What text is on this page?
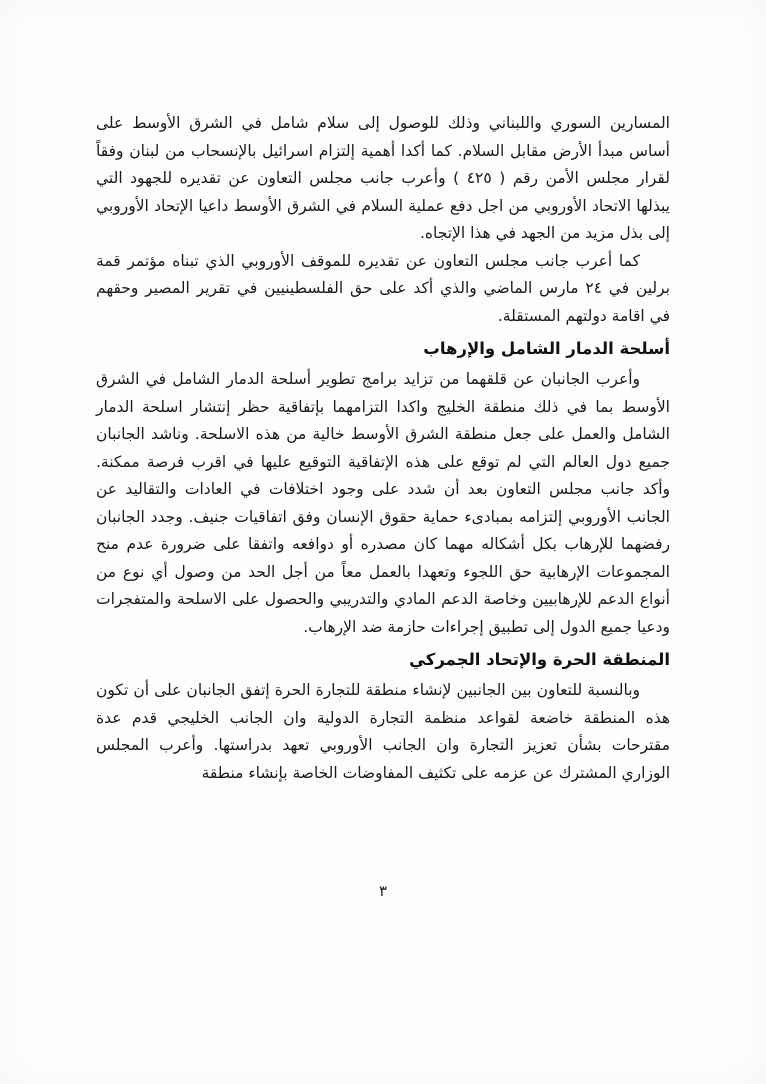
المسارين السوري واللبناني وذلك للوصول إلى سلام شامل في الشرق الأوسط على أساس مبدأ الأرض مقابل السلام. كما أكدا أهمية إلتزام اسرائيل بالإنسحاب من لبنان وفقاً لقرار مجلس الأمن رقم ( ٤٢٥ ) وأعرب جانب مجلس التعاون عن تقديره للجهود التي يبذلها الاتحاد الأوروبي من اجل دفع عملية السلام في الشرق الأوسط داعيا الإتحاد الأوروبي إلى بذل مزيد من الجهد في هذا الإتجاه.

كما أعرب جانب مجلس التعاون عن تقديره للموقف الأوروبي الذي تبناه مؤتمر قمة برلين في ٢٤ مارس الماضي والذي أكد على حق الفلسطينيين في تقرير المصير وحقهم في اقامة دولتهم المستقلة.

أسلحة الدمار الشامل والإرهاب

وأعرب الجانبان عن قلقهما من تزايد برامج تطوير أسلحة الدمار الشامل في الشرق الأوسط بما في ذلك منطقة الخليج واكدا التزامهما بإتفاقية حظر إنتشار اسلحة الدمار الشامل والعمل على جعل منطقة الشرق الأوسط خالية من هذه الاسلحة. وناشد الجانبان جميع دول العالم التي لم توقع على هذه الإتفاقية التوقيع عليها في اقرب فرصة ممكنة. وأكد جانب مجلس التعاون بعد أن شدد على وجود اختلافات في العادات والتقاليد عن الجانب الأوروبي إلتزامه بمبادىء حماية حقوق الإنسان وفق اتفاقيات جنيف. وجدد الجانبان رفضهما للإرهاب بكل أشكاله مهما كان مصدره أو دوافعه واتفقا على ضرورة عدم منح المجموعات الإرهابية حق اللجوء وتعهدا بالعمل معاً من أجل الحد من وصول أي نوع من أنواع الدعم للإرهابيين وخاصة الدعم المادي والتدريبي والحصول على الاسلحة والمتفجرات ودعيا جميع الدول إلى تطبيق إجراءات حازمة ضد الإرهاب.

المنطقة الحرة والإتحاد الجمركي

وبالنسبة للتعاون بين الجانبين لإنشاء منطقة للتجارة الحرة إتفق الجانبان على أن تكون هذه المنطقة خاضعة لقواعد منظمة التجارة الدولية وان الجانب الخليجي قدم عدة مقترحات بشأن تعزيز التجارة وان الجانب الأوروبي تعهد بدراستها. وأعرب المجلس الوزاري المشترك عن عزمه على تكثيف المفاوضات الخاصة بإنشاء منطقة

٣
